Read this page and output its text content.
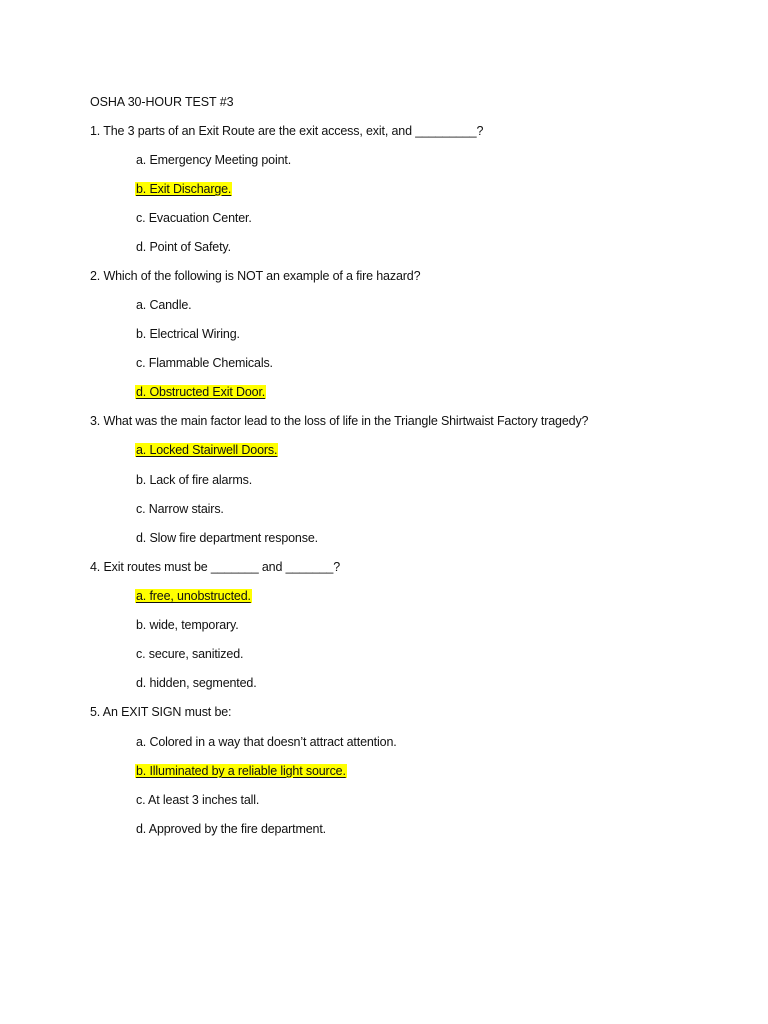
OSHA 30-HOUR TEST #3
1. The 3 parts of an Exit Route are the exit access, exit, and _________?
a. Emergency Meeting point.
b. Exit Discharge.
c. Evacuation Center.
d. Point of Safety.
2. Which of the following is NOT an example of a fire hazard?
a. Candle.
b. Electrical Wiring.
c. Flammable Chemicals.
d. Obstructed Exit Door.
3. What was the main factor lead to the loss of life in the Triangle Shirtwaist Factory tragedy?
a. Locked Stairwell Doors.
b. Lack of fire alarms.
c. Narrow stairs.
d. Slow fire department response.
4. Exit routes must be _______ and _______?
a. free, unobstructed.
b. wide, temporary.
c. secure, sanitized.
d. hidden, segmented.
5. An EXIT SIGN must be:
a. Colored in a way that doesn’t attract attention.
b. Illuminated by a reliable light source.
c. At least 3 inches tall.
d. Approved by the fire department.
